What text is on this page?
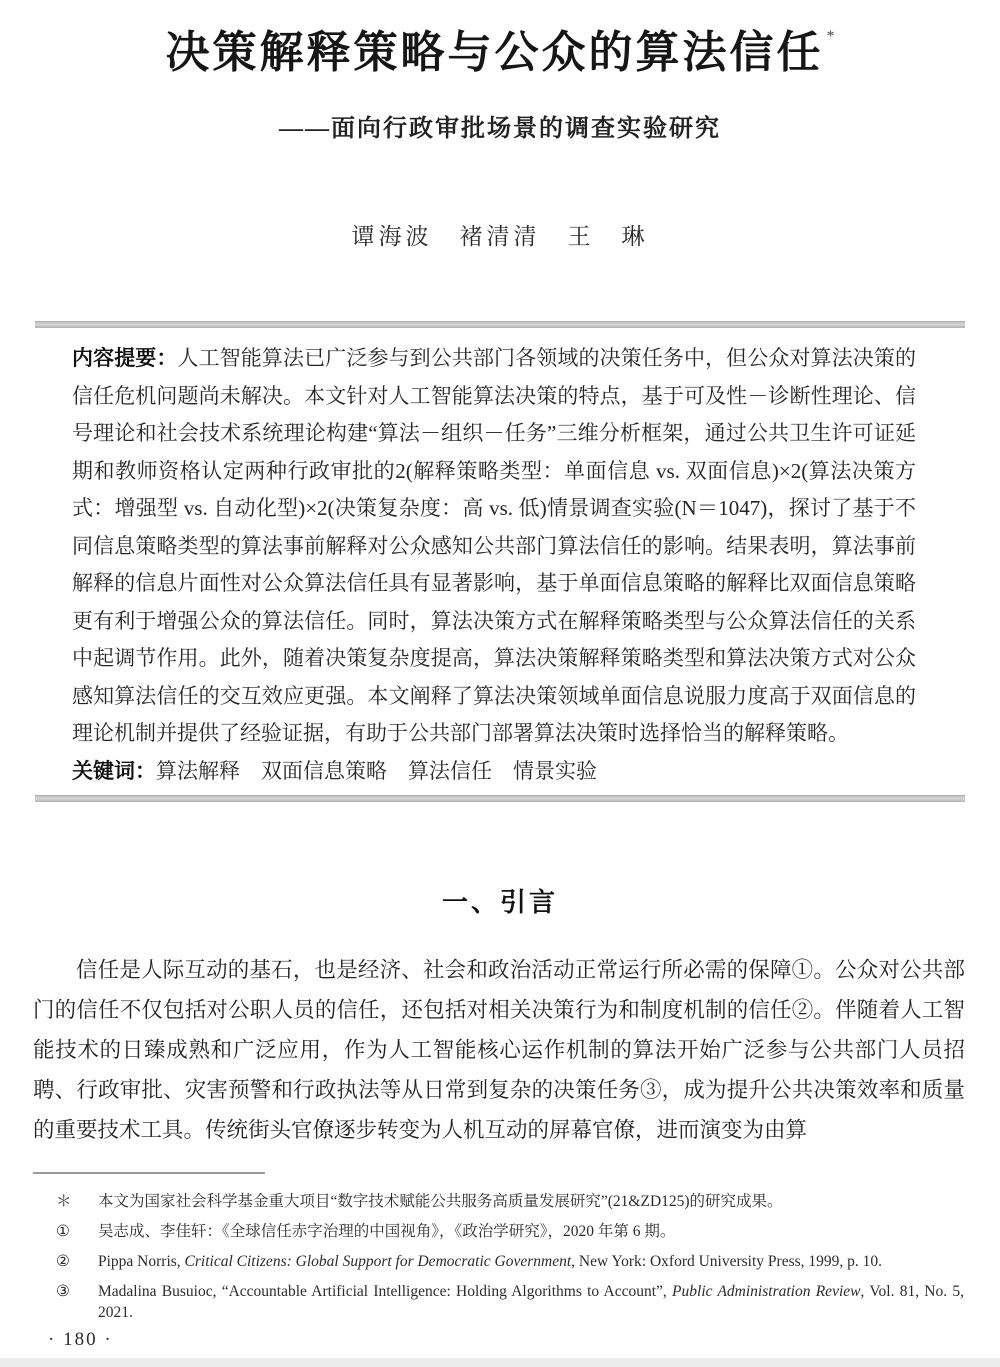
决策解释策略与公众的算法信任 *
——面向行政审批场景的调查实验研究
谭海波　褚清清　王　琳

内容提要：人工智能算法已广泛参与到公共部门各领域的决策任务中，但公众对算法决策的信任危机问题尚未解决。本文针对人工智能算法决策的特点，基于可及性－诊断性理论、信号理论和社会技术系统理论构建“算法－组织－任务”三维分析框架，通过公共卫生许可证延期和教师资格认定两种行政审批的2(解释策略类型：单面信息 vs. 双面信息)×2(算法决策方式：增强型 vs. 自动化型)×2(决策复杂度：高 vs. 低)情景调查实验(N＝1047)，探讨了基于不同信息策略类型的算法事前解释对公众感知公共部门算法信任的影响。结果表明，算法事前解释的信息片面性对公众算法信任具有显著影响，基于单面信息策略的解释比双面信息策略更有利于增强公众的算法信任。同时，算法决策方式在解释策略类型与公众算法信任的关系中起调节作用。此外，随着决策复杂度提高，算法决策解释策略类型和算法决策方式对公众感知算法信任的交互效应更强。本文阐释了算法决策领域单面信息说服力度高于双面信息的理论机制并提供了经验证据，有助于公共部门部署算法决策时选择恰当的解释策略。

关键词：算法解释　双面信息策略　算法信任　情景实验

一、引言

信任是人际互动的基石，也是经济、社会和政治活动正常运行所必需的保障①。公众对公共部门的信任不仅包括对公职人员的信任，还包括对相关决策行为和制度机制的信任②。伴随着人工智能技术的日臻成熟和广泛应用，作为人工智能核心运作机制的算法开始广泛参与公共部门人员招聘、行政审批、灾害预警和行政执法等从日常到复杂的决策任务③，成为提升公共决策效率和质量的重要技术工具。传统街头官僚逐步转变为人机互动的屏幕官僚，进而演变为由算

＊	本文为国家社会科学基金重大项目“数字技术赋能公共服务高质量发展研究”(21&ZD125)的研究成果。
①	吴志成、李佳轩：《全球信任赤字治理的中国视角》，《政治学研究》，2020 年第 6 期。
②	Pippa Norris, Critical Citizens: Global Support for Democratic Government, New York: Oxford University Press, 1999, p. 10.
③	Madalina Busuioc, “Accountable Artificial Intelligence: Holding Algorithms to Account”, Public Administration Review, Vol. 81, No. 5, 2021.
· 180 ·
